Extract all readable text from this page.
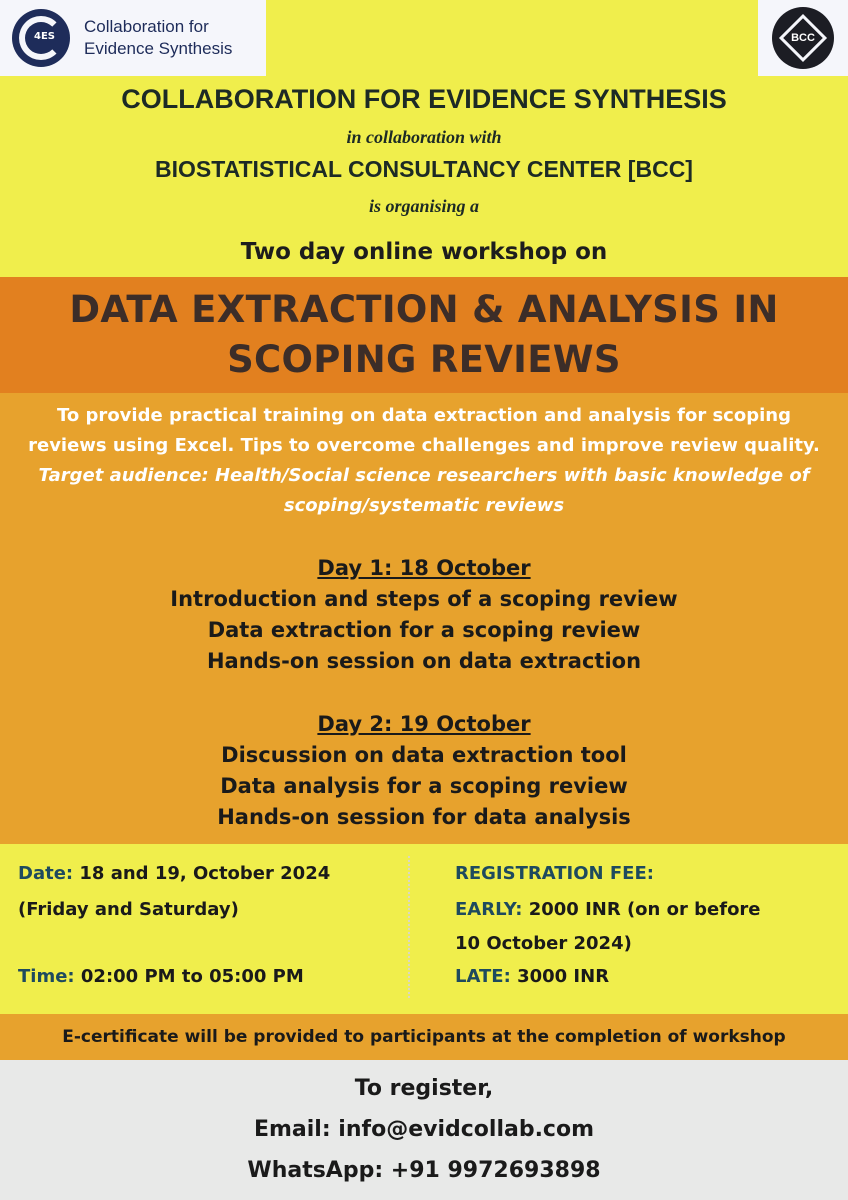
4ES
Collaboration for
Evidence Synthesis
BCC
COLLABORATION FOR EVIDENCE SYNTHESIS
in collaboration with
BIOSTATISTICAL CONSULTANCY CENTER [BCC]
is organising a
Two day online workshop on
DATA EXTRACTION & ANALYSIS IN
SCOPING REVIEWS
To provide practical training on data extraction and analysis for scoping
reviews using Excel. Tips to overcome challenges and improve review quality.
Target audience: Health/Social science researchers with basic knowledge of
scoping/systematic reviews
Day 1: 18 October
Introduction and steps of a scoping review
Data extraction for a scoping review
Hands-on session on data extraction
Day 2: 19 October
Discussion on data extraction tool
Data analysis for a scoping review
Hands-on session for data analysis
Date: 18 and 19, October 2024
(Friday and Saturday)
Time: 02:00 PM to 05:00 PM
REGISTRATION FEE:
EARLY: 2000 INR (on or before
10 October 2024)
LATE: 3000 INR
E-certificate will be provided to participants at the completion of workshop
To register,
Email: info@evidcollab.com
WhatsApp: +91 9972693898
